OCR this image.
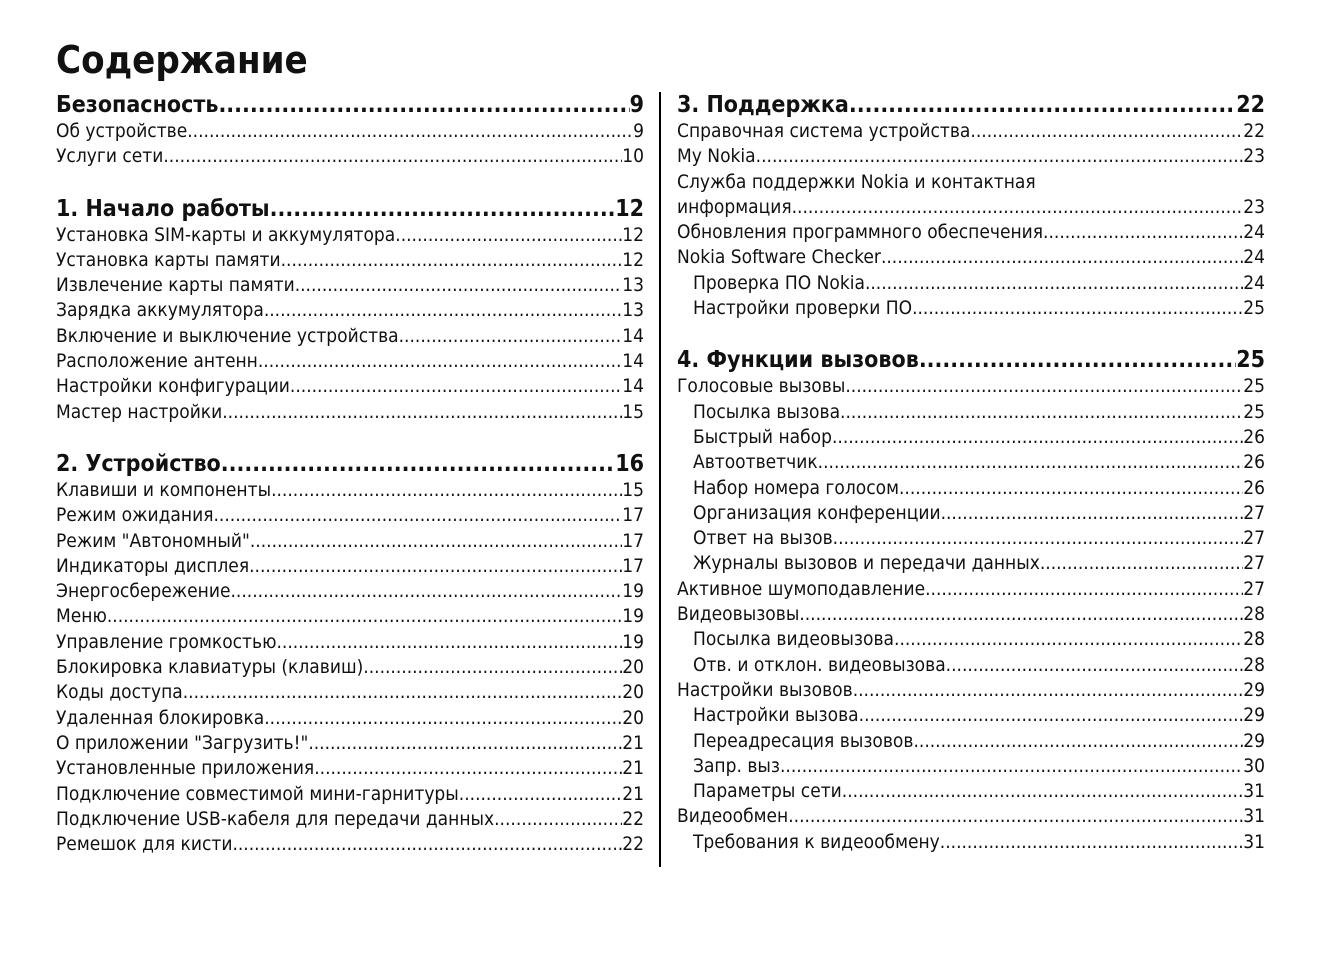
Содержание
Безопасность .....	9
Об устройстве .....	9
Услуги сети .....	10
1. Начало работы .....	12
Установка SIM-карты и аккумулятора .....	12
Установка карты памяти .....	12
Извлечение карты памяти .....	13
Зарядка аккумулятора .....	13
Включение и выключение устройства .....	14
Расположение антенн .....	14
Настройки конфигурации .....	14
Мастер настройки .....	15
2. Устройство .....	16
Клавиши и компоненты .....	15
Режим ожидания .....	17
Режим "Автономный" .....	17
Индикаторы дисплея .....	17
Энергосбережение .....	19
Меню .....	19
Управление громкостью .....	19
Блокировка клавиатуры (клавиш) .....	20
Коды доступа .....	20
Удаленная блокировка .....	20
О приложении "Загрузить!" .....	21
Установленные приложения .....	21
Подключение совместимой мини-гарнитуры .....	21
Подключение USB-кабеля для передачи данных .....	22
Ремешок для кисти .....	22
3. Поддержка .....	22
Справочная система устройства .....	22
My Nokia .....	23
Служба поддержки Nokia и контактная
информация .....	23
Обновления программного обеспечения .....	24
Nokia Software Checker .....	24
Проверка ПО Nokia .....	24
Настройки проверки ПО .....	25
4. Функции вызовов .....	25
Голосовые вызовы .....	25
Посылка вызова .....	25
Быстрый набор .....	26
Автоответчик .....	26
Набор номера голосом .....	26
Организация конференции .....	27
Ответ на вызов .....	27
Журналы вызовов и передачи данных .....	27
Активное шумоподавление .....	27
Видеовызовы .....	28
Посылка видеовызова .....	28
Отв. и отклон. видеовызова .....	28
Настройки вызовов .....	29
Настройки вызова .....	29
Переадресация вызовов .....	29
Запр. выз .....	30
Параметры сети .....	31
Видеообмен .....	31
Требования к видеообмену .....	31
